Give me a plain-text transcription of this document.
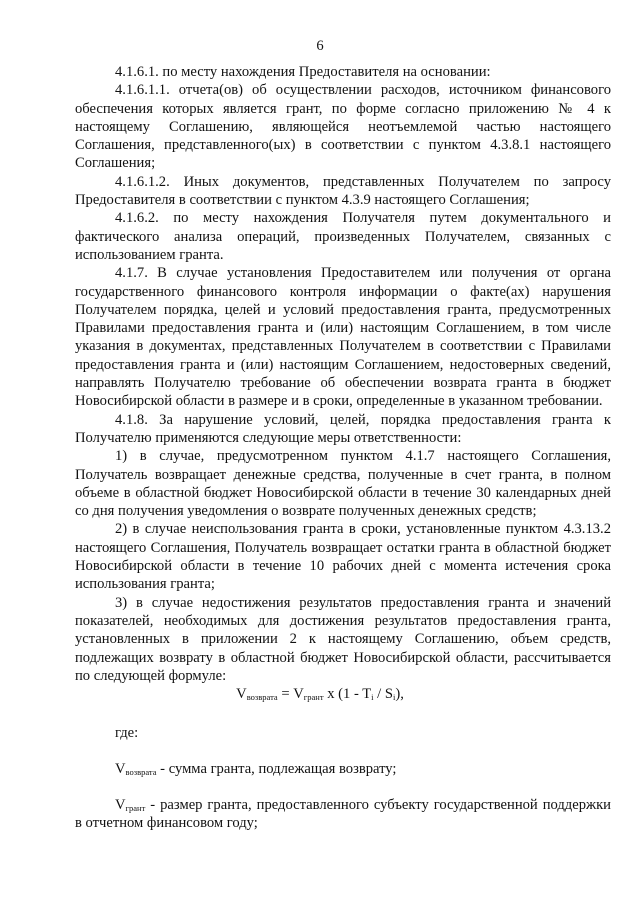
6

4.1.6.1. по месту нахождения Предоставителя на основании:

4.1.6.1.1. отчета(ов) об осуществлении расходов, источником финансового обеспечения которых является грант, по форме согласно приложению № 4 к настоящему Соглашению, являющейся неотъемлемой частью настоящего Соглашения, представленного(ых) в соответствии с пунктом 4.3.8.1 настоящего Соглашения;

4.1.6.1.2. Иных документов, представленных Получателем по запросу Предоставителя в соответствии с пунктом 4.3.9 настоящего Соглашения;

4.1.6.2. по месту нахождения Получателя путем документального и фактического анализа операций, произведенных Получателем, связанных с использованием гранта.

4.1.7. В случае установления Предоставителем или получения от органа государственного финансового контроля информации о факте(ах) нарушения Получателем порядка, целей и условий предоставления гранта, предусмотренных Правилами предоставления гранта и (или) настоящим Соглашением, в том числе указания в документах, представленных Получателем в соответствии с Правилами предоставления гранта и (или) настоящим Соглашением, недостоверных сведений, направлять Получателю требование об обеспечении возврата гранта в бюджет Новосибирской области в размере и в сроки, определенные в указанном требовании.

4.1.8. За нарушение условий, целей, порядка предоставления гранта к Получателю применяются следующие меры ответственности:

1) в случае, предусмотренном пунктом 4.1.7 настоящего Соглашения, Получатель возвращает денежные средства, полученные в счет гранта, в полном объеме в областной бюджет Новосибирской области в течение 30 календарных дней со дня получения уведомления о возврате полученных денежных средств;

2) в случае неиспользования гранта в сроки, установленные пунктом 4.3.13.2 настоящего Соглашения, Получатель возвращает остатки гранта в областной бюджет Новосибирской области в течение 10 рабочих дней с момента истечения срока использования гранта;

3) в случае недостижения результатов предоставления гранта и значений показателей, необходимых для достижения результатов предоставления гранта, установленных в приложении 2 к настоящему Соглашению, объем средств, подлежащих возврату в областной бюджет Новосибирской области, рассчитывается по следующей формуле:

$V_{возврата} = V_{грант}$ x $(1 - T_i / S_i)$,
где:
$V_{возврата}$ - сумма гранта, подлежащая возврату;

$V_{грант}$ - размер гранта, предоставленного субъекту государственной поддержки в отчетном финансовом году;
